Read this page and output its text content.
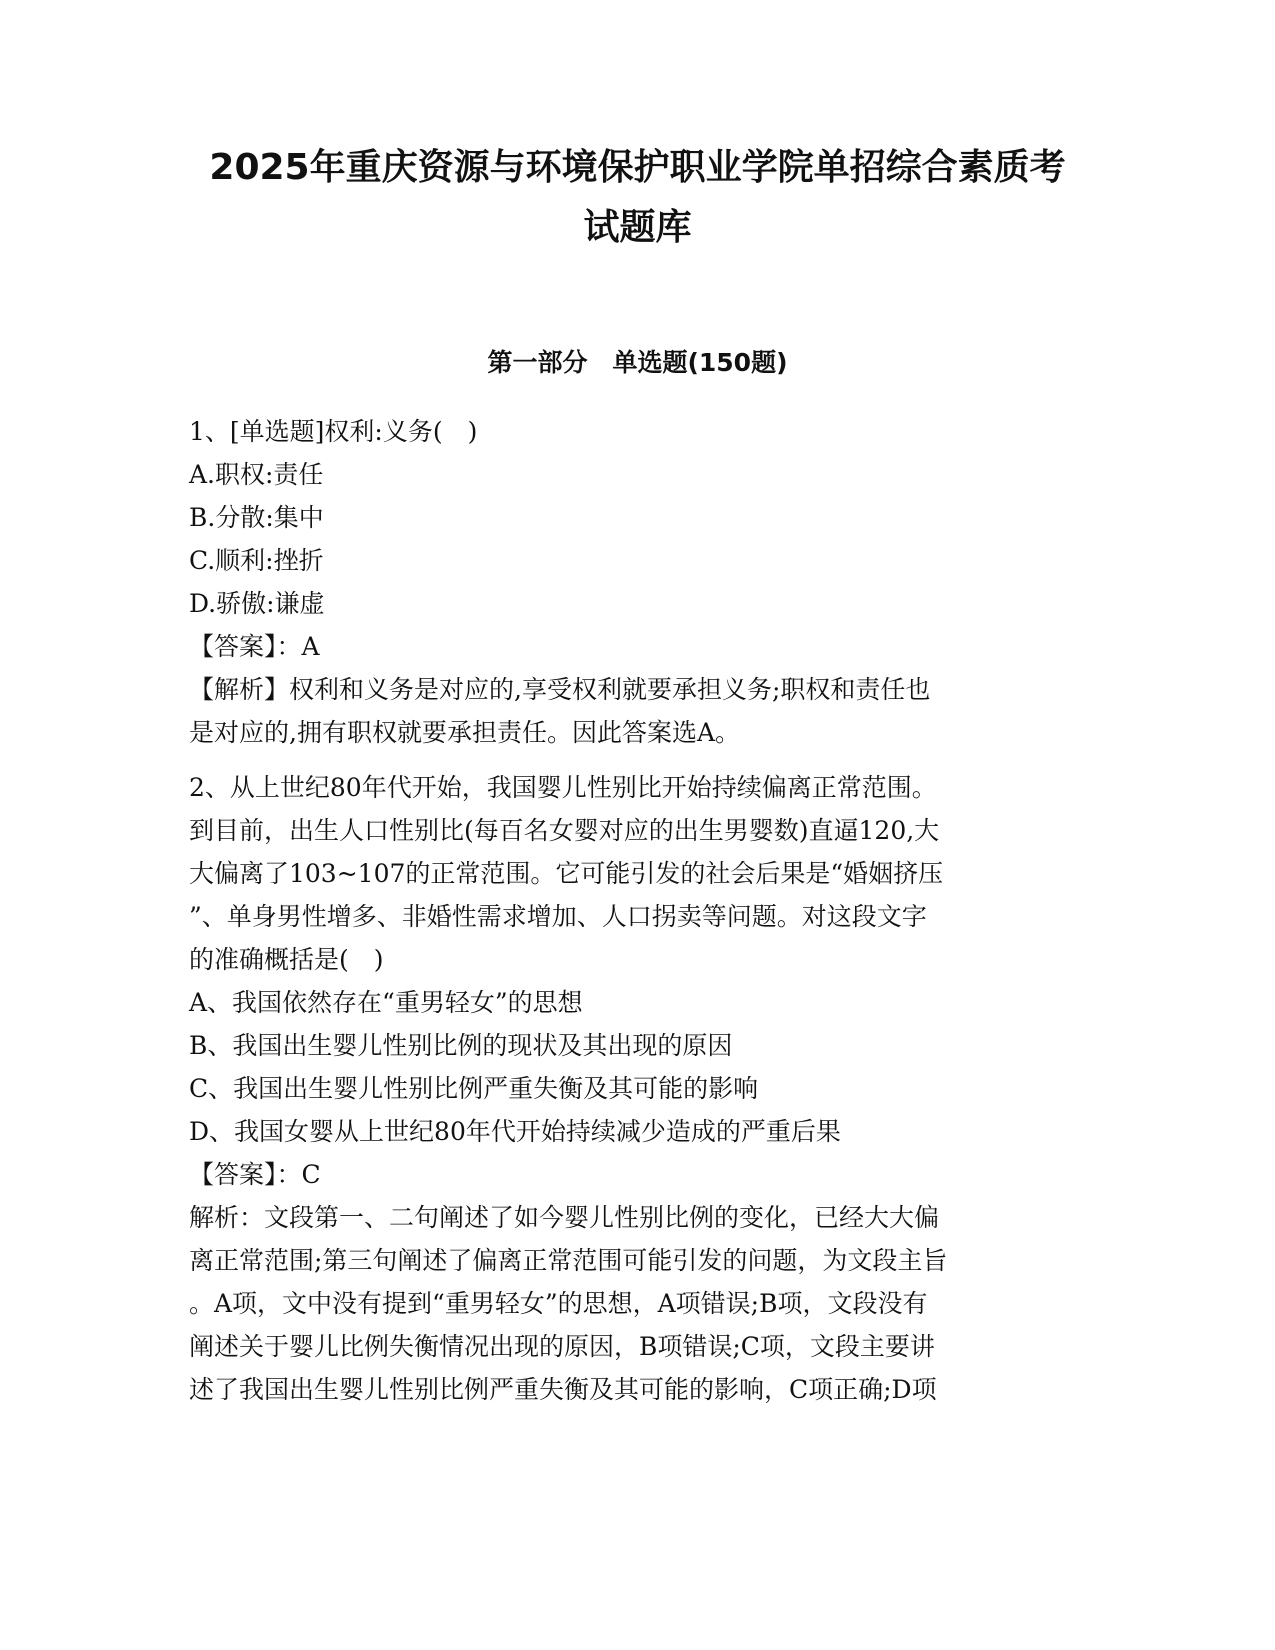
2025年重庆资源与环境保护职业学院单招综合素质考
试题库
第一部分　单选题(150题)
1、[单选题]权利:义务(　)
A.职权:责任
B.分散:集中
C.顺利:挫折
D.骄傲:谦虚
【答案】：A
【解析】权利和义务是对应的,享受权利就要承担义务;职权和责任也
是对应的,拥有职权就要承担责任。因此答案选A。
2、从上世纪80年代开始，我国婴儿性别比开始持续偏离正常范围。
到目前，出生人口性别比(每百名女婴对应的出生男婴数)直逼120,大
大偏离了103~107的正常范围。它可能引发的社会后果是“婚姻挤压
”、单身男性增多、非婚性需求增加、人口拐卖等问题。对这段文字
的准确概括是(　)
A、我国依然存在“重男轻女”的思想
B、我国出生婴儿性别比例的现状及其出现的原因
C、我国出生婴儿性别比例严重失衡及其可能的影响
D、我国女婴从上世纪80年代开始持续减少造成的严重后果
【答案】：C
解析：文段第一、二句阐述了如今婴儿性别比例的变化，已经大大偏
离正常范围;第三句阐述了偏离正常范围可能引发的问题，为文段主旨
。A项，文中没有提到“重男轻女”的思想，A项错误;B项，文段没有
阐述关于婴儿比例失衡情况出现的原因，B项错误;C项，文段主要讲
述了我国出生婴儿性别比例严重失衡及其可能的影响，C项正确;D项
